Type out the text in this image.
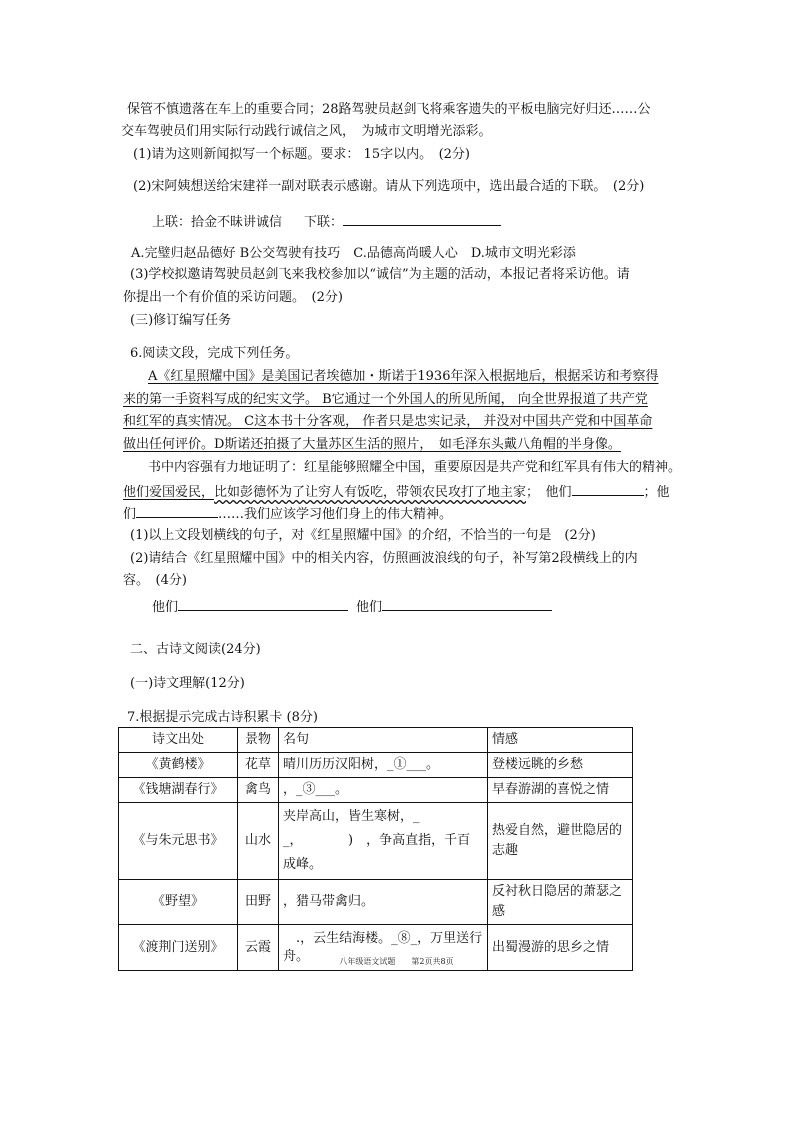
保管不慎遗落在车上的重要合同；28路驾驶员赵剑飞将乘客遗失的平板电脑完好归还……公
交车驾驶员们用实际行动践行诚信之风，　为城市文明增光添彩。
(1)请为这则新闻拟写一个标题。要求： 15字以内。　(2分)
(2)宋阿姨想送给宋建祥一副对联表示感谢。请从下列选项中，选出最合适的下联。　(2分)
上联：拾金不昧讲诚信 下联：
A.完璧归赵品德好 B公交驾驶有技巧　C.品德高尚暖人心　D.城市文明光彩添
(3)学校拟邀请驾驶员赵剑飞来我校参加以“诚信”为主题的活动，本报记者将采访他。请
你提出一个有价值的采访问题。　(2分)
(三)修订编写任务
6.阅读文段，完成下列任务。
A《红星照耀中国》是美国记者埃德加・斯诺于1936年深入根据地后，根据采访和考察得
来的第一手资料写成的纪实文学。 B它通过一个外国人的所见所闻， 向全世界报道了共产党
和红军的真实情况。 C这本书十分客观， 作者只是忠实记录， 并没对中国共产党和中国革命
做出任何评价。D斯诺还拍摄了大量苏区生活的照片，　如毛泽东头戴八角帽的半身像。
书中内容强有力地证明了：红星能够照耀全中国，重要原因是共产党和红军具有伟大的精神。
他们爱国爱民，比如彭德怀为了让穷人有饭吃，带领农民攻打了地主家；　他们	；他
们	……我们应该学习他们身上的伟大精神。
(1)以上文段划横线的句子，对《红星照耀中国》的介绍，不恰当的一句是　(2分)
(2)请结合《红星照耀中国》中的相关内容，仿照画波浪线的句子，补写第2段横线上的内
容。　(4分)
他们	他们
二、古诗文阅读(24分)
(一)诗文理解(12分)
7.根据提示完成古诗积累卡 (8分)
诗文出处	景物	名句	情感
《黄鹤楼》	花草	晴川历历汉阳树，_①___。	登楼远眺的乡愁
《钱塘湖春行》	禽鸟	，_③___。	早春游湖的喜悦之情
《与朱元思书》	山水	夹岸高山，皆生寒树，_　　_，　　　　)　，争高直指，千百成峰。	热爱自然，避世隐居的志趣
《野望》	田野	，猎马带禽归。	反衬秋日隐居的萧瑟之感
《渡荆门送别》	云霞	　.，云生结海楼。_⑧_，万里送行舟。	出蜀漫游的思乡之情
八年级语文试题　　第2页共8页
